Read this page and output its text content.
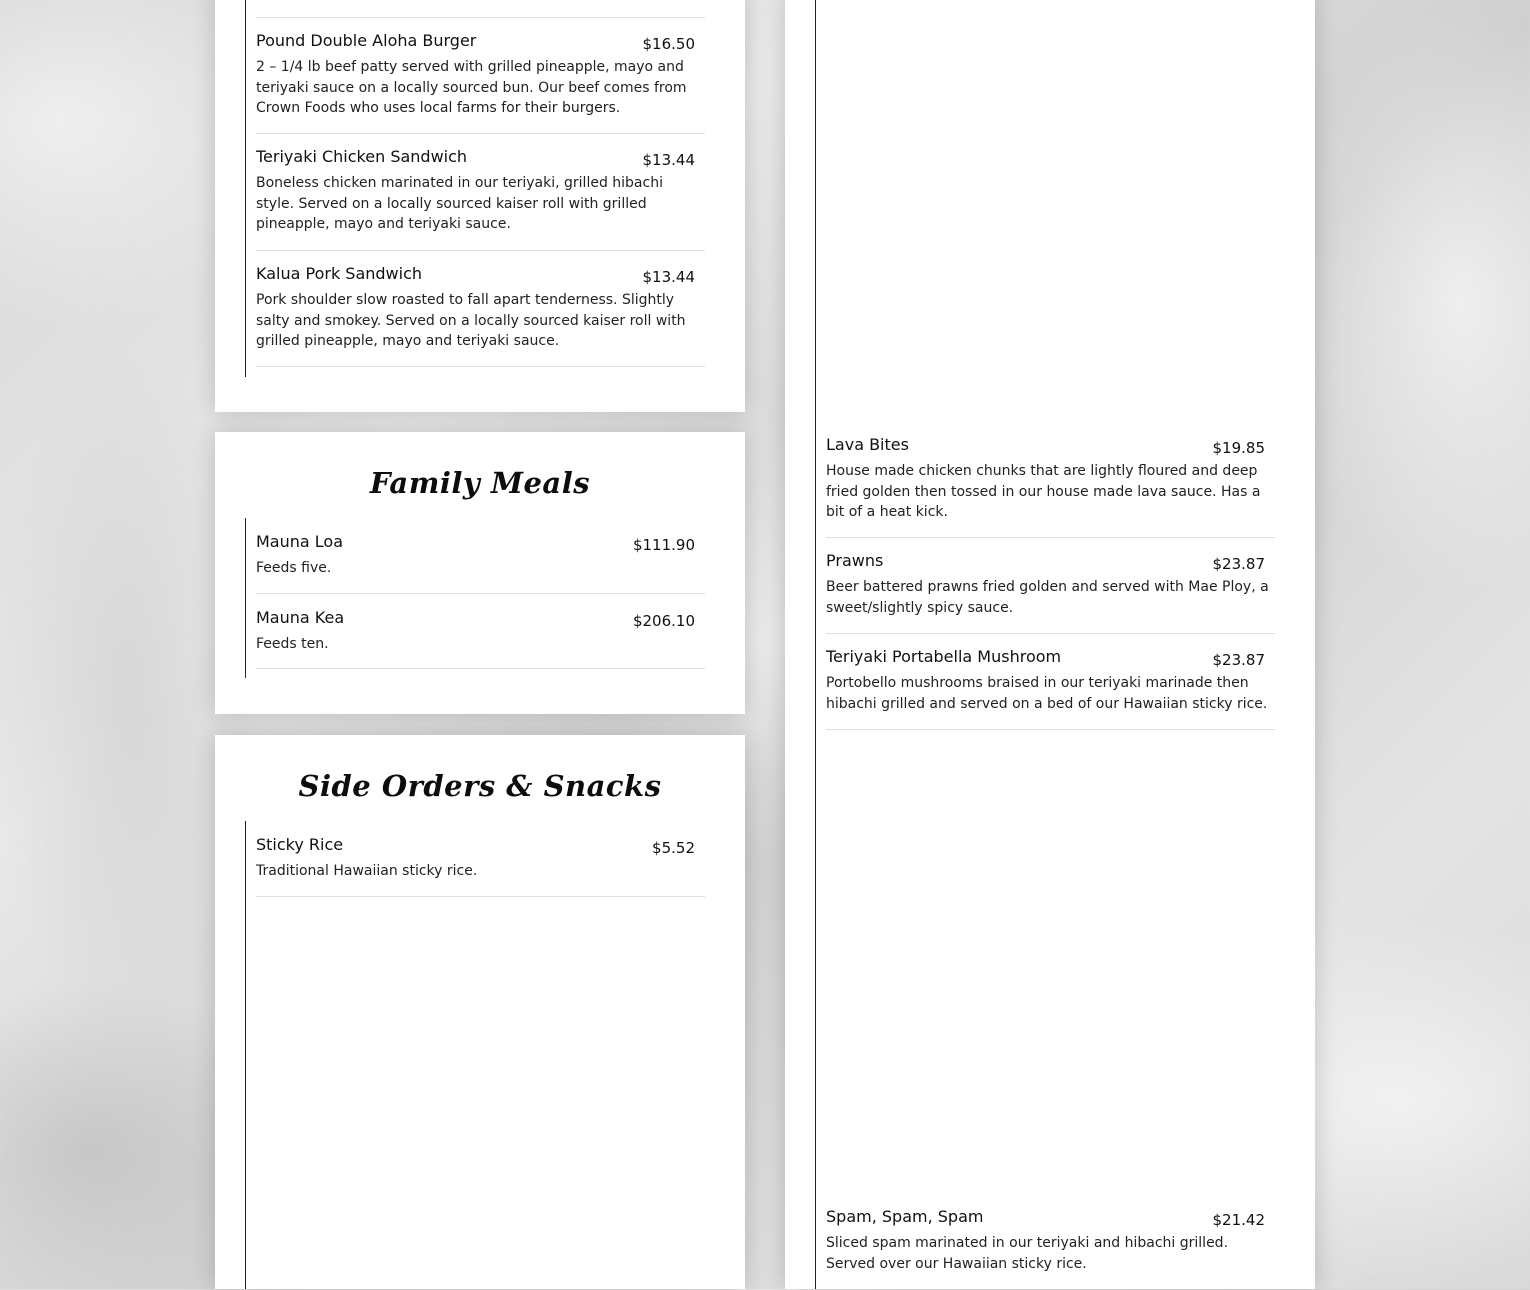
Pound Double Aloha Burger	$16.50
2 – 1/4 lb beef patty served with grilled pineapple, mayo and
teriyaki sauce on a locally sourced bun. Our beef comes from
Crown Foods who uses local farms for their burgers.
Teriyaki Chicken Sandwich	$13.44
Boneless chicken marinated in our teriyaki, grilled hibachi
style. Served on a locally sourced kaiser roll with grilled
pineapple, mayo and teriyaki sauce.
Kalua Pork Sandwich	$13.44
Pork shoulder slow roasted to fall apart tenderness. Slightly
salty and smokey. Served on a locally sourced kaiser roll with
grilled pineapple, mayo and teriyaki sauce.
Family Meals
Mauna Loa	$111.90
Feeds five.
Mauna Kea	$206.10
Feeds ten.
Side Orders & Snacks
Sticky Rice	$5.52
Traditional Hawaiian sticky rice.
Lava Bites	$19.85
House made chicken chunks that are lightly floured and deep
fried golden then tossed in our house made lava sauce. Has a
bit of a heat kick.
Prawns	$23.87
Beer battered prawns fried golden and served with Mae Ploy, a
sweet/slightly spicy sauce.
Teriyaki Portabella Mushroom	$23.87
Portobello mushrooms braised in our teriyaki marinade then
hibachi grilled and served on a bed of our Hawaiian sticky rice.
Spam, Spam, Spam	$21.42
Sliced spam marinated in our teriyaki and hibachi grilled.
Served over our Hawaiian sticky rice.
